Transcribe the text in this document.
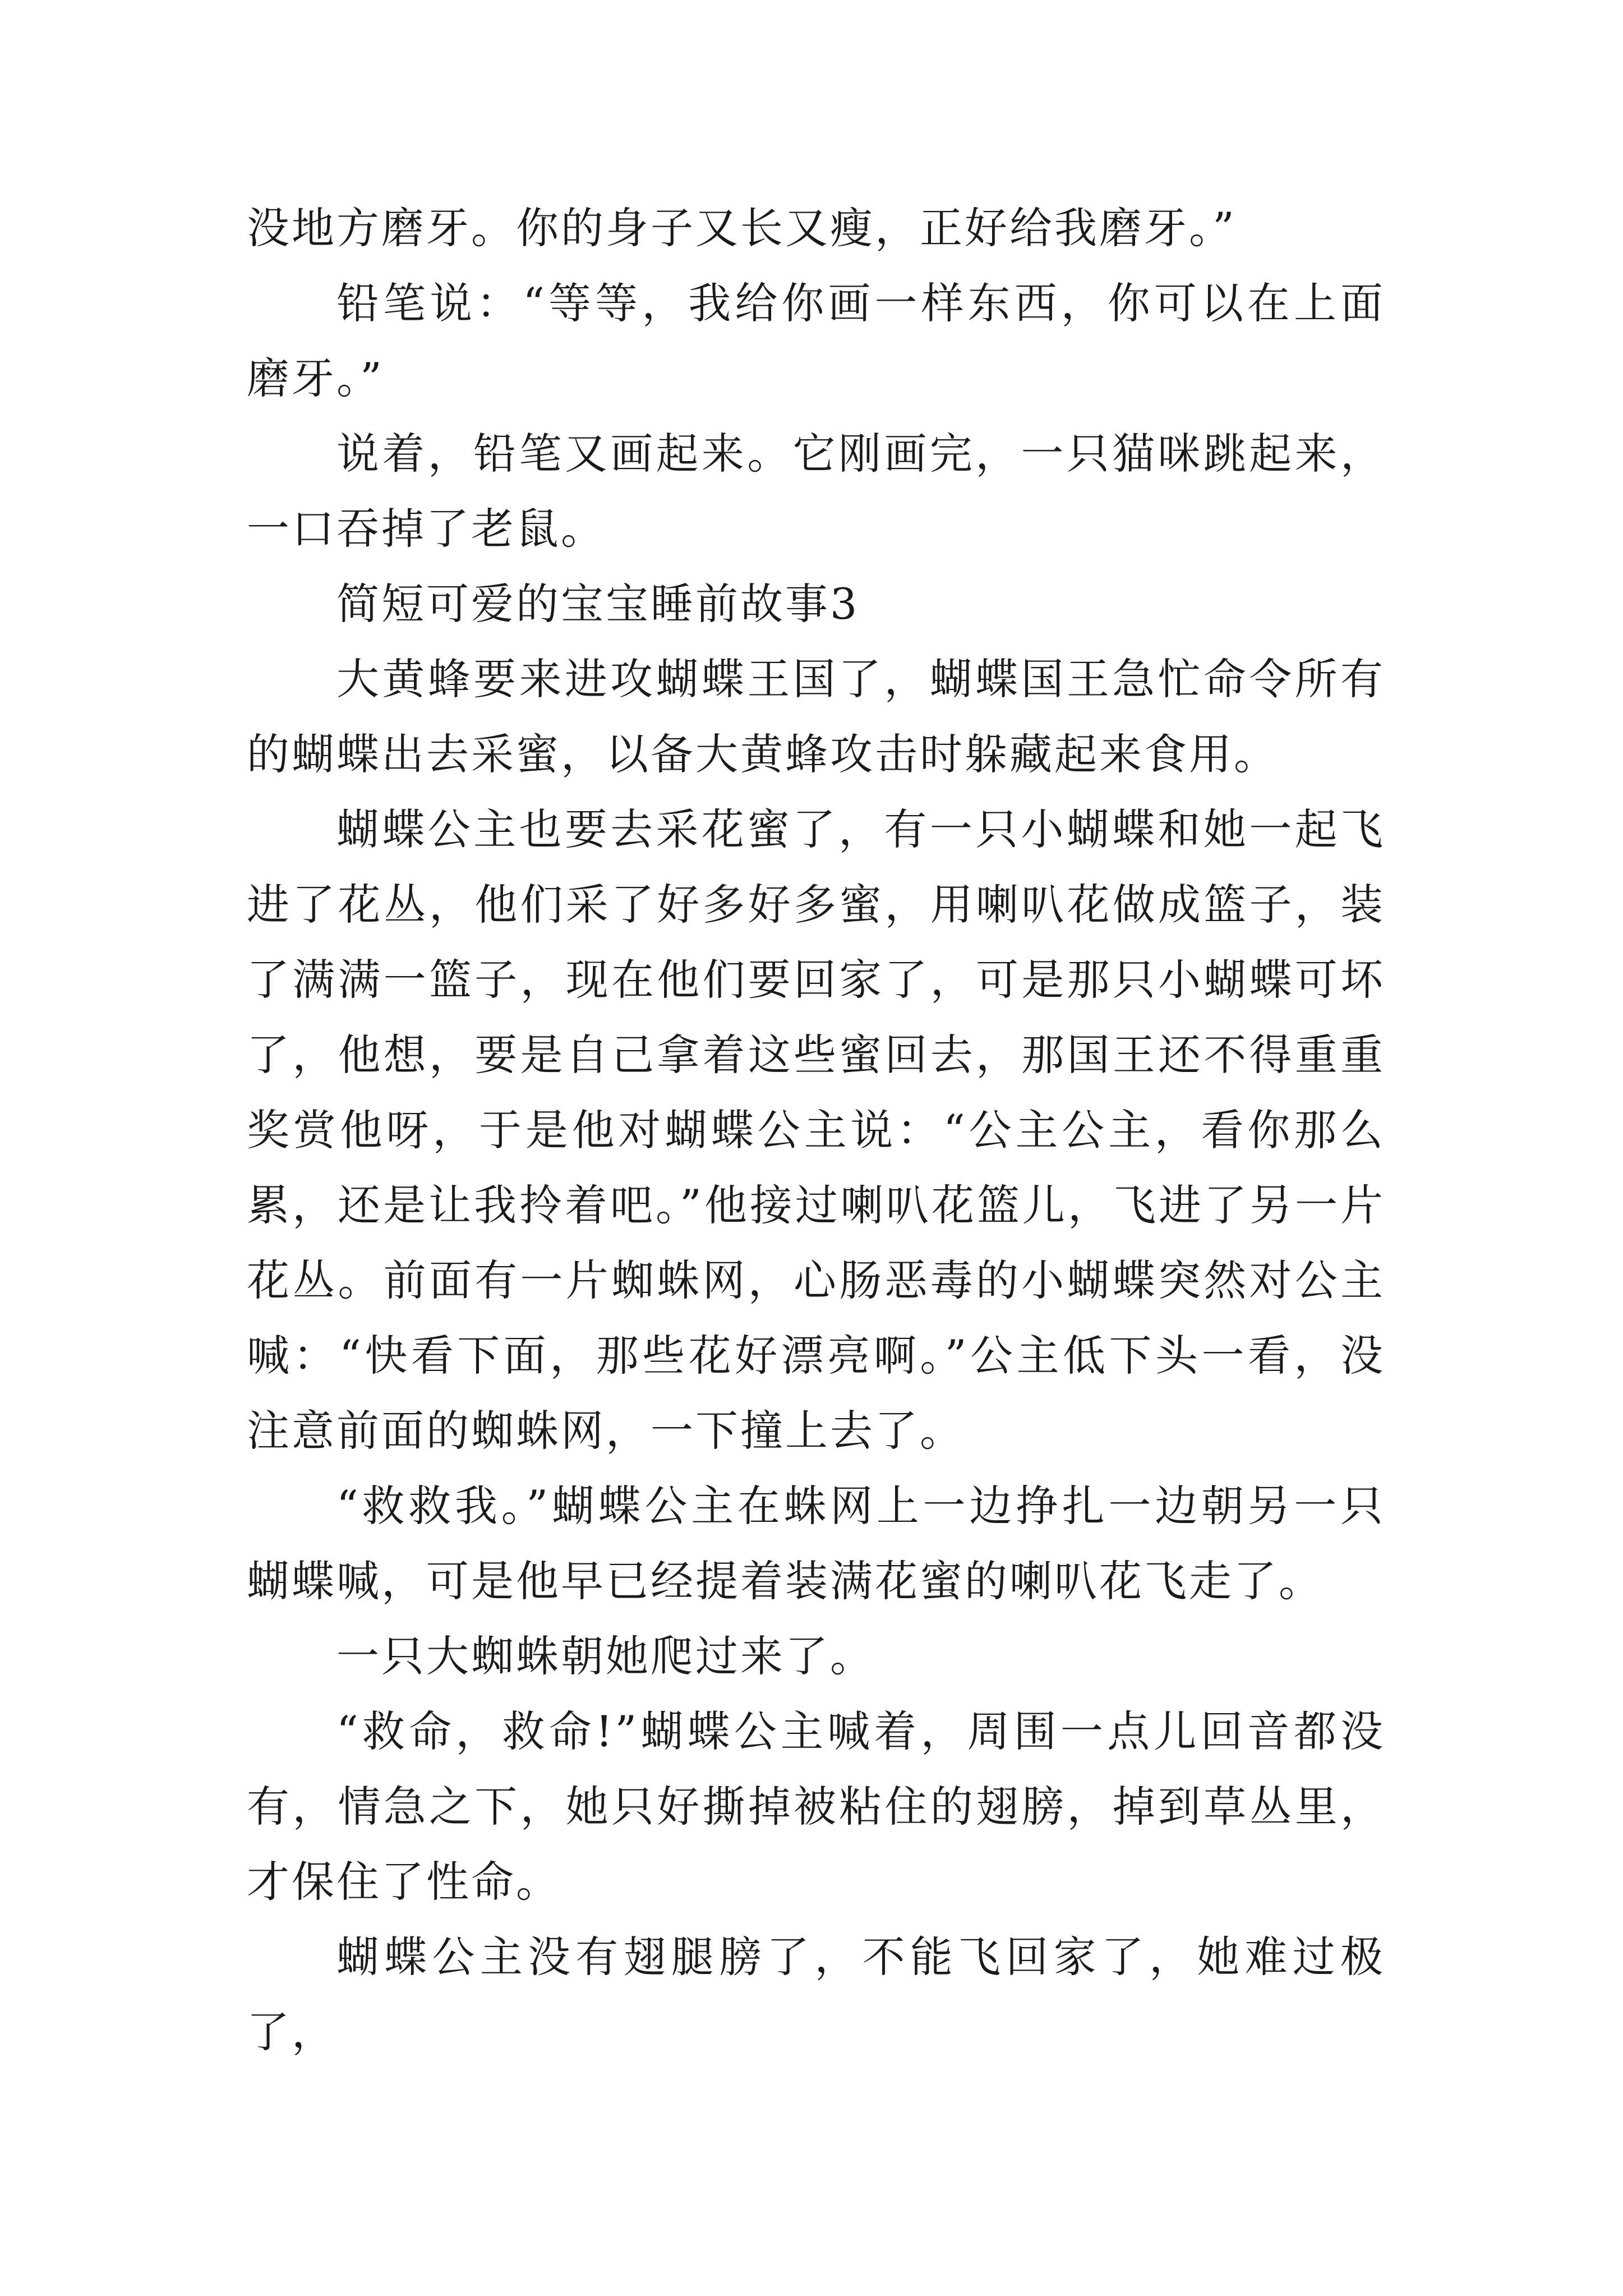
没地方磨牙。你的身子又长又瘦，正好给我磨牙。”

铅笔说：“等等，我给你画一样东西，你可以在上面磨牙。”

说着，铅笔又画起来。它刚画完，一只猫咪跳起来，一口吞掉了老鼠。

简短可爱的宝宝睡前故事3

大黄蜂要来进攻蝴蝶王国了，蝴蝶国王急忙命令所有的蝴蝶出去采蜜，以备大黄蜂攻击时躲藏起来食用。

蝴蝶公主也要去采花蜜了，有一只小蝴蝶和她一起飞进了花丛，他们采了好多好多蜜，用喇叭花做成篮子，装了满满一篮子，现在他们要回家了，可是那只小蝴蝶可坏了，他想，要是自己拿着这些蜜回去，那国王还不得重重奖赏他呀，于是他对蝴蝶公主说：“公主公主，看你那么累，还是让我拎着吧。”他接过喇叭花篮儿，飞进了另一片花丛。前面有一片蜘蛛网，心肠恶毒的小蝴蝶突然对公主喊：“快看下面，那些花好漂亮啊。”公主低下头一看，没注意前面的蜘蛛网，一下撞上去了。

“救救我。”蝴蝶公主在蛛网上一边挣扎一边朝另一只蝴蝶喊，可是他早已经提着装满花蜜的喇叭花飞走了。

一只大蜘蛛朝她爬过来了。

“救命，救命!”蝴蝶公主喊着，周围一点儿回音都没有，情急之下，她只好撕掉被粘住的翅膀，掉到草丛里，才保住了性命。

蝴蝶公主没有翅腿膀了，不能飞回家了，她难过极了，
